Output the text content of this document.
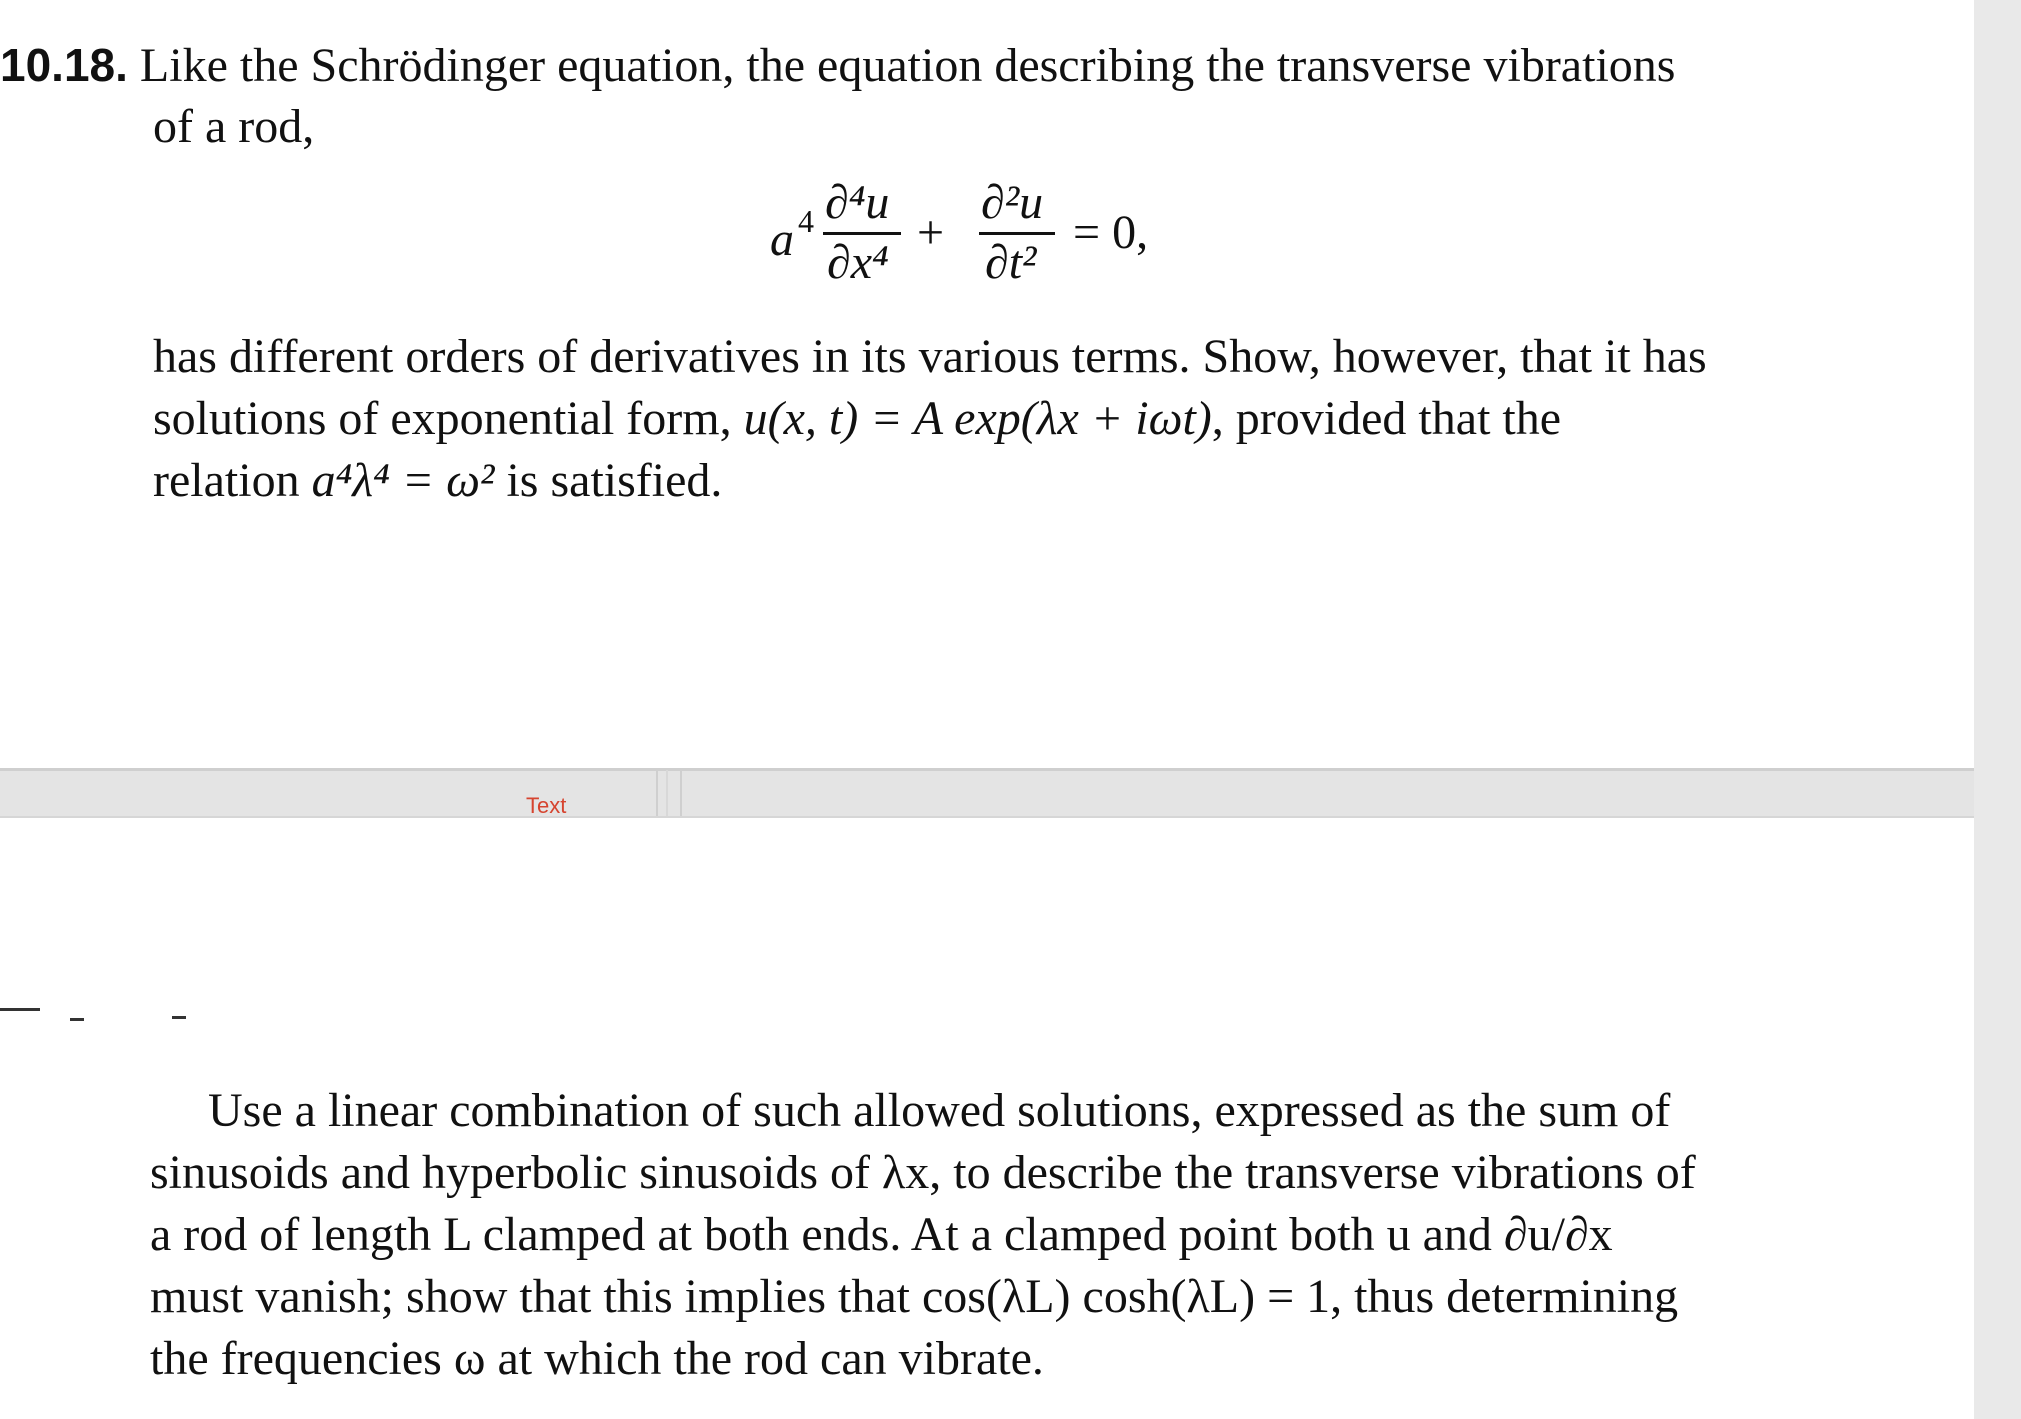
10.18. Like the Schrödinger equation, the equation describing the transverse vibrations
of a rod,
a 4 ∂⁴u
∂x⁴
+
∂²u
∂t²
= 0,
has different orders of derivatives in its various terms. Show, however, that it has
solutions of exponential form, u(x, t) = A exp(λx + iωt), provided that the
relation a⁴λ⁴ = ω² is satisfied.
Text
Use a linear combination of such allowed solutions, expressed as the sum of
sinusoids and hyperbolic sinusoids of λx, to describe the transverse vibrations of
a rod of length L clamped at both ends. At a clamped point both u and ∂u/∂x
must vanish; show that this implies that cos(λL) cosh(λL) = 1, thus determining
the frequencies ω at which the rod can vibrate.
